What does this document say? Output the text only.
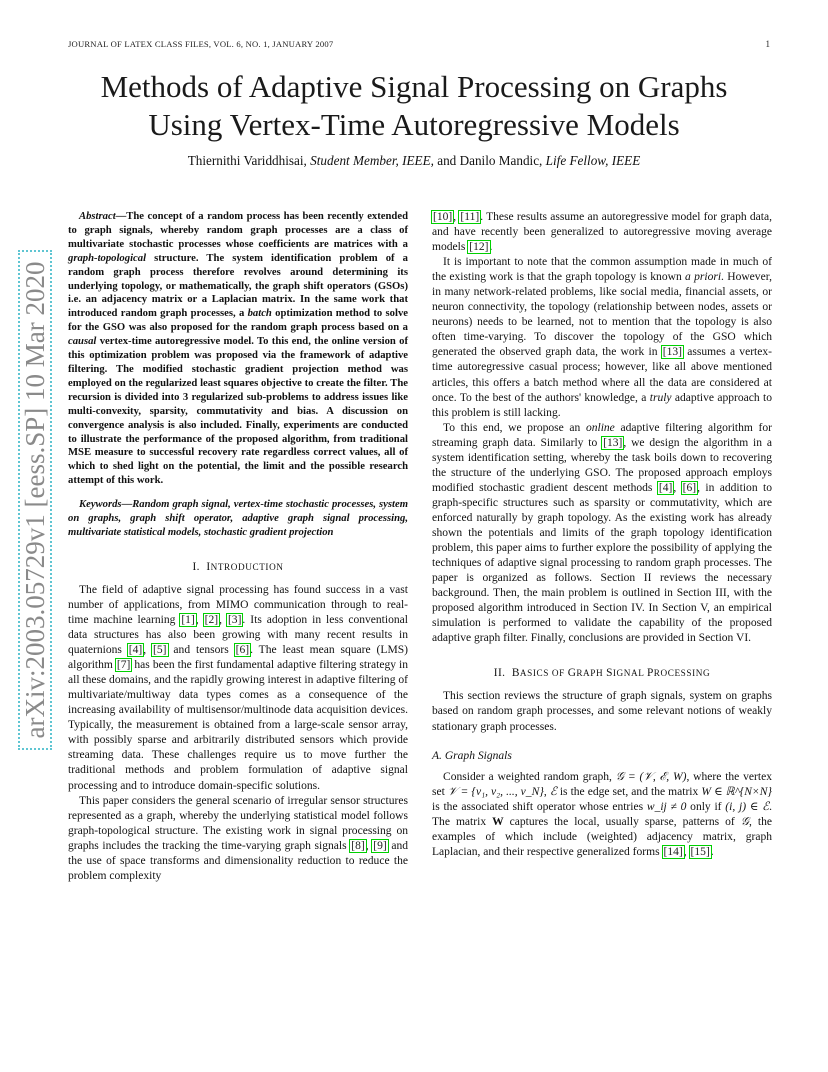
JOURNAL OF LATEX CLASS FILES, VOL. 6, NO. 1, JANUARY 2007	1
Methods of Adaptive Signal Processing on Graphs
Using Vertex-Time Autoregressive Models
Thiernithi Variddhisai, Student Member, IEEE, and Danilo Mandic, Life Fellow, IEEE
arXiv:2003.05729v1 [eess.SP] 10 Mar 2020

Abstract—The concept of a random process has been recently extended to graph signals, whereby random graph processes are a class of multivariate stochastic processes whose coefficients are matrices with a graph-topological structure. The system identification problem of a random graph process therefore revolves around determining its underlying topology, or mathematically, the graph shift operators (GSOs) i.e. an adjacency matrix or a Laplacian matrix. In the same work that introduced random graph processes, a batch optimization method to solve for the GSO was also proposed for the random graph process based on a causal vertex-time autoregressive model. To this end, the online version of this optimization problem was proposed via the framework of adaptive filtering. The modified stochastic gradient projection method was employed on the regularized least squares objective to create the filter. The recursion is divided into 3 regularized sub-problems to address issues like multi-convexity, sparsity, commutativity and bias. A discussion on convergence analysis is also included. Finally, experiments are conducted to illustrate the performance of the proposed algorithm, from traditional MSE measure to successful recovery rate regardless correct values, all of which to shed light on the potential, the limit and the possible research attempt of this work.

Keywords—Random graph signal, vertex-time stochastic processes, system on graphs, graph shift operator, adaptive graph signal processing, multivariate statistical models, stochastic gradient projection

I. INTRODUCTION

The field of adaptive signal processing has found success in a vast number of applications, from MIMO communication through to real-time machine learning [1], [2], [3]. Its adoption in less conventional data structures has also been growing with many recent results in quaternions [4], [5] and tensors [6]. The least mean square (LMS) algorithm [7] has been the first fundamental adaptive filtering strategy in all these domains, and the rapidly growing interest in adaptive filtering of multivariate/multiway data types comes as a consequence of the increasing availability of multisensor/multinode data acquisition devices. Typically, the measurement is obtained from a large-scale sensor array, with possibly sparse and arbitrarily distributed sensors which provide streaming data. These challenges require us to move further the traditional methods and problem formulation of adaptive signal processing and to introduce domain-specific solutions.

This paper considers the general scenario of irregular sensor structures represented as a graph, whereby the underlying statistical model follows graph-topological structure. The existing work in signal processing on graphs includes the tracking the time-varying graph signals [8], [9] and the use of space transforms and dimensionality reduction to reduce the problem complexity

[10], [11]. These results assume an autoregressive model for graph data, and have recently been generalized to autoregressive moving average models [12].

It is important to note that the common assumption made in much of the existing work is that the graph topology is known a priori. However, in many network-related problems, like social media, financial assets, or neuron connectivity, the topology (relationship between nodes, assets or neurons) needs to be learned, not to mention that the topology is also often time-varying. To discover the topology of the GSO which generated the observed graph data, the work in [13] assumes a vertex-time autoregressive casual process; however, like all above mentioned articles, this offers a batch method where all the data are considered at once. To the best of the authors' knowledge, a truly adaptive approach to this problem is still lacking.

To this end, we propose an online adaptive filtering algorithm for streaming graph data. Similarly to [13], we design the algorithm in a system identification setting, whereby the task boils down to recovering the structure of the underlying GSO. The proposed approach employs modified stochastic gradient descent methods [4], [6], in addition to graph-specific structures such as sparsity or commutativity, which are enforced naturally by graph topology. As the existing work has already shown the potentials and limits of the graph topology identification problem, this paper aims to further explore the possibility of applying the techniques of adaptive signal processing to random graph processes. The paper is organized as follows. Section II reviews the necessary background. Then, the main problem is outlined in Section III, with the proposed algorithm introduced in Section IV. In Section V, an empirical simulation is performed to validate the capability of the proposed adaptive graph filter. Finally, conclusions are provided in Section VI.

II. BASICS OF GRAPH SIGNAL PROCESSING

This section reviews the structure of graph signals, system on graphs based on random graph processes, and some relevant notions of weakly stationary graph processes.

A. Graph Signals

Consider a weighted random graph, 𝒢 = (𝒱, ℰ, W), where the vertex set 𝒱 = {v₁, v₂, ..., v_N}, ℰ is the edge set, and the matrix W ∈ ℝ^{N×N} is the associated shift operator whose entries w_ij ≠ 0 only if (i, j) ∈ ℰ. The matrix W captures the local, usually sparse, patterns of 𝒢, the examples of which include (weighted) adjacency matrix, graph Laplacian, and their respective generalized forms [14], [15].
